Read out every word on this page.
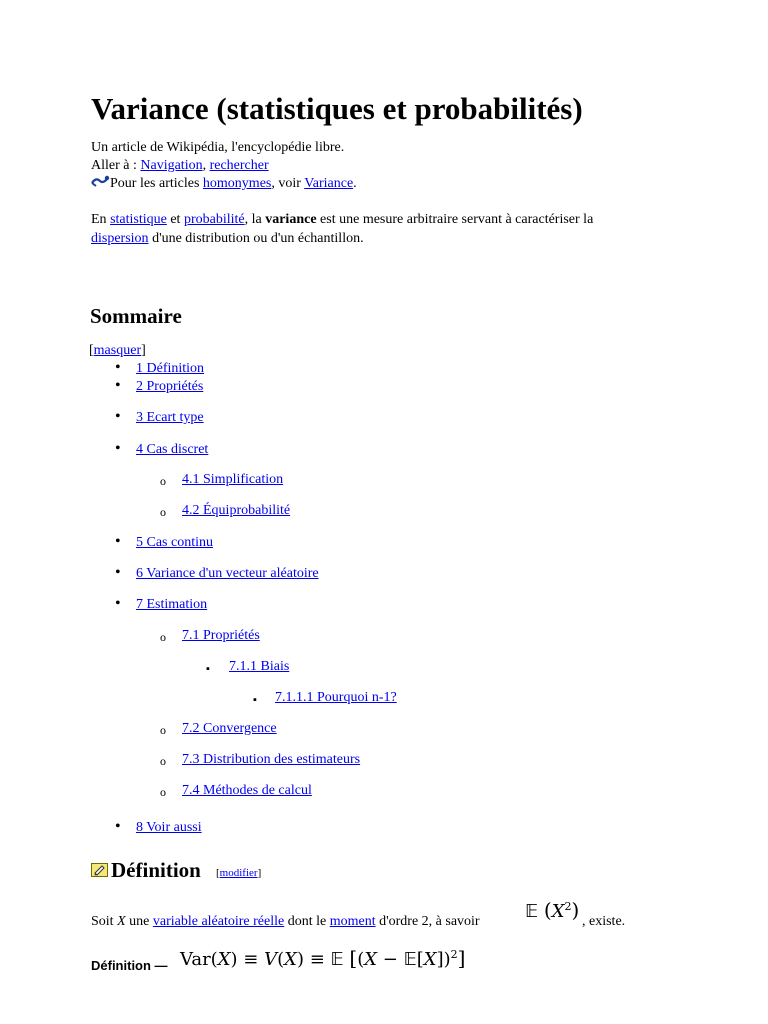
Variance (statistiques et probabilités)
Un article de Wikipédia, l'encyclopédie libre.
Aller à : Navigation, rechercher
Pour les articles homonymes, voir Variance.
En statistique et probabilité, la variance est une mesure arbitraire servant à caractériser la
dispersion d'une distribution ou d'un échantillon.
Sommaire
[masquer]
•
1 Définition
•
2 Propriétés
•
3 Ecart type
•
4 Cas discret
o
4.1 Simplification
o
4.2 Équiprobabilité
•
5 Cas continu
•
6 Variance d'un vecteur aléatoire
•
7 Estimation
o
7.1 Propriétés
▪
7.1.1 Biais
▪
7.1.1.1 Pourquoi n-1?
o
7.2 Convergence
o
7.3 Distribution des estimateurs
o
7.4 Méthodes de calcul
•
8 Voir aussi
Définition [modifier]
Soit X une variable aléatoire réelle dont le moment d'ordre 2, à savoir	𝔼 $(X^2)$ , existe.
Définition — Var(X) ≡ V(X) ≡ 𝔼 [(X − 𝔼[X])$^2$]
